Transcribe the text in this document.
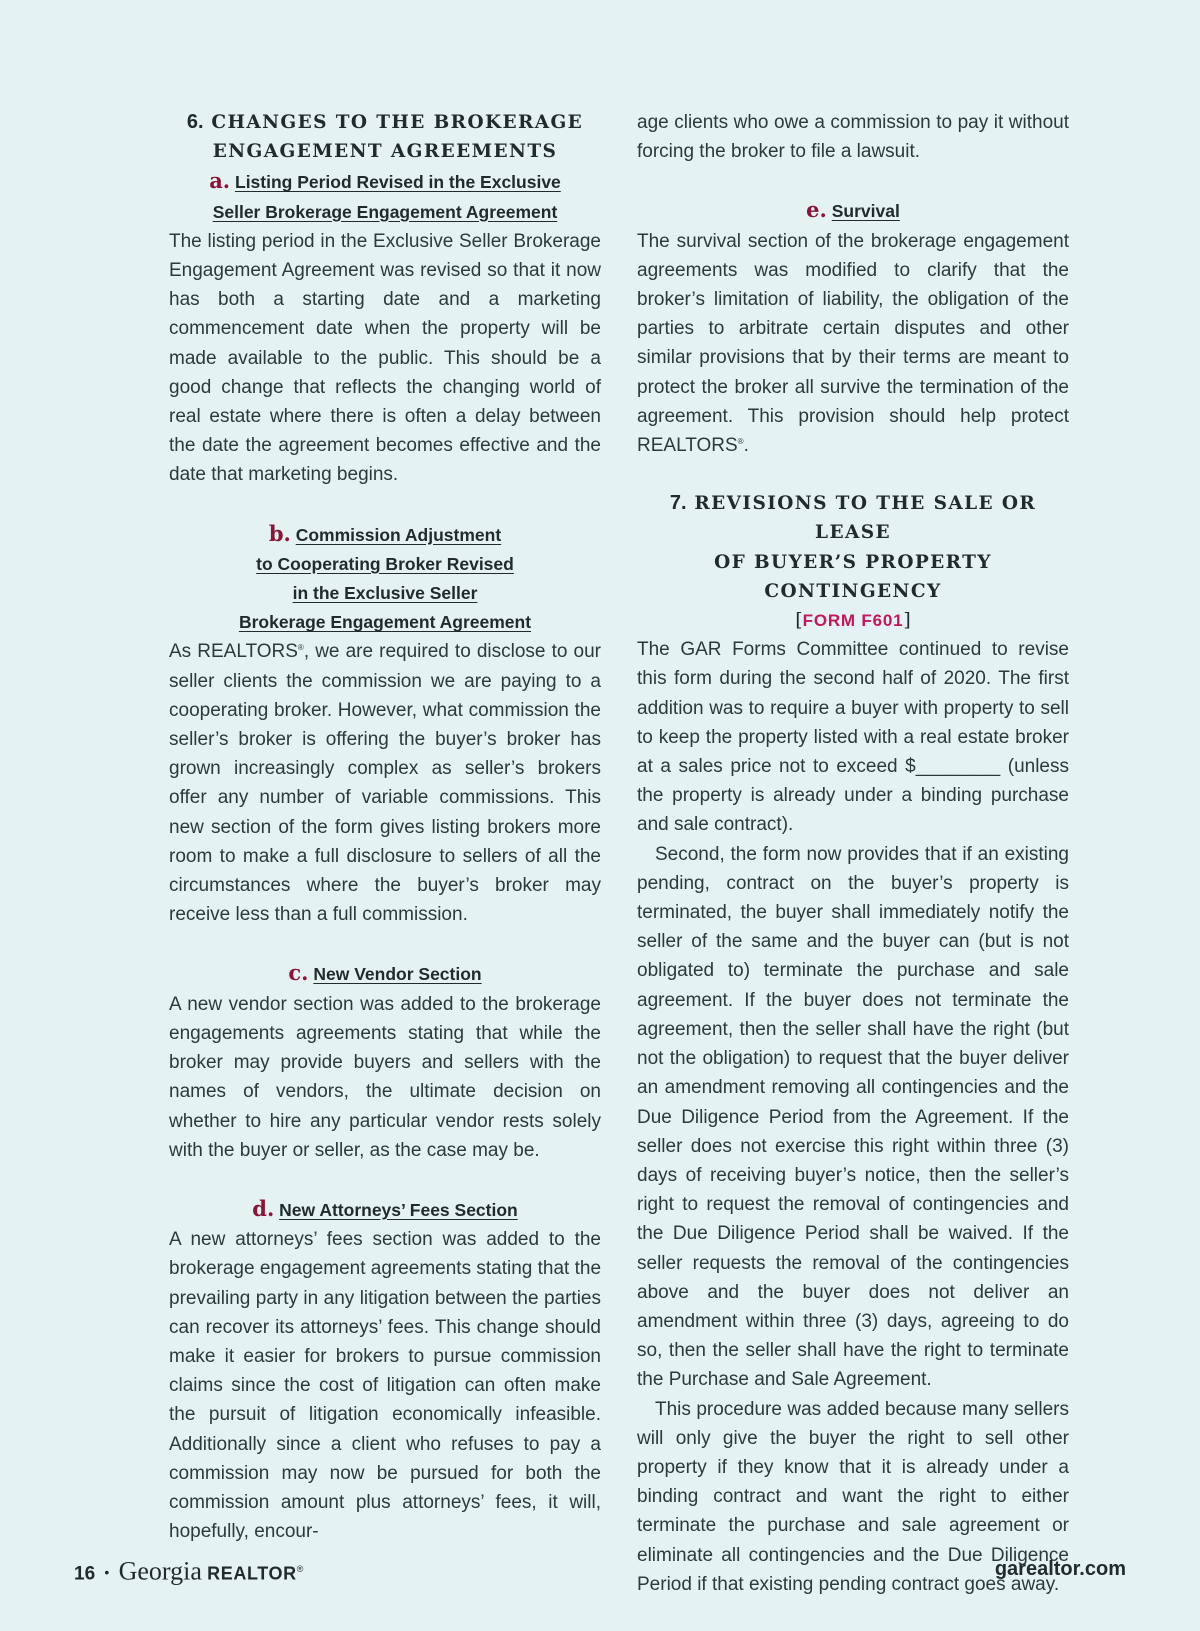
6. CHANGES TO THE BROKERAGE
ENGAGEMENT AGREEMENTS
a. Listing Period Revised in the Exclusive
Seller Brokerage Engagement Agreement

The listing period in the Exclusive Seller Brokerage Engagement Agreement was revised so that it now has both a starting date and a marketing commencement date when the property will be made available to the public. This should be a good change that reflects the changing world of real estate where there is often a delay between the date the agreement becomes effective and the date that marketing begins.

b. Commission Adjustment
to Cooperating Broker Revised
in the Exclusive Seller
Brokerage Engagement Agreement

As REALTORS®, we are required to disclose to our seller clients the commission we are paying to a cooperating broker. However, what commission the seller’s broker is offering the buyer’s broker has grown increasingly complex as seller’s brokers offer any number of variable commissions. This new section of the form gives listing brokers more room to make a full disclosure to sellers of all the circumstances where the buyer’s broker may receive less than a full commission.

c. New Vendor Section

A new vendor section was added to the brokerage engagements agreements stating that while the broker may provide buyers and sellers with the names of vendors, the ultimate decision on whether to hire any particular vendor rests solely with the buyer or seller, as the case may be.

d. New Attorneys’ Fees Section

A new attorneys’ fees section was added to the brokerage engagement agreements stating that the prevailing party in any litigation between the parties can recover its attorneys’ fees. This change should make it easier for brokers to pursue commission claims since the cost of litigation can often make the pursuit of litigation economically infeasible. Additionally since a client who refuses to pay a commission may now be pursued for both the commission amount plus attorneys’ fees, it will, hopefully, encour-

age clients who owe a commission to pay it without forcing the broker to file a lawsuit.

e. Survival

The survival section of the brokerage engagement agreements was modified to clarify that the broker’s limitation of liability, the obligation of the parties to arbitrate certain disputes and other similar provisions that by their terms are meant to protect the broker all survive the termination of the agreement. This provision should help protect REALTORS®.

7. REVISIONS TO THE SALE OR LEASE
OF BUYER’S PROPERTY CONTINGENCY
[FORM F601]

The GAR Forms Committee continued to revise this form during the second half of 2020. The first addition was to require a buyer with property to sell to keep the property listed with a real estate broker at a sales price not to exceed $________ (unless the property is already under a binding purchase and sale contract).

Second, the form now provides that if an existing pending, contract on the buyer’s property is terminated, the buyer shall immediately notify the seller of the same and the buyer can (but is not obligated to) terminate the purchase and sale agreement. If the buyer does not terminate the agreement, then the seller shall have the right (but not the obligation) to request that the buyer deliver an amendment removing all contingencies and the Due Diligence Period from the Agreement. If the seller does not exercise this right within three (3) days of receiving buyer’s notice, then the seller’s right to request the removal of contingencies and the Due Diligence Period shall be waived. If the seller requests the removal of the contingencies above and the buyer does not deliver an amendment within three (3) days, agreeing to do so, then the seller shall have the right to terminate the Purchase and Sale Agreement.

This procedure was added because many sellers will only give the buyer the right to sell other property if they know that it is already under a binding contract and want the right to either terminate the purchase and sale agreement or eliminate all contingencies and the Due Diligence Period if that existing pending contract goes away.

16 • Georgia REALTOR®	garealtor.com
